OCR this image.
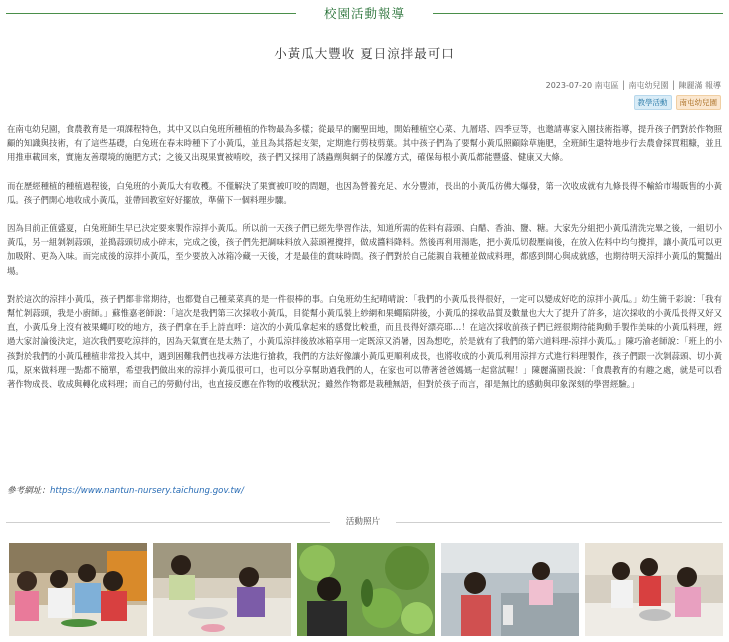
校園活動報導
小黃瓜大豐收 夏日涼拌最可口
2023-07-20 南屯區 │ 南屯幼兒園 │ 陳麗滿 報導
教學活動	南屯幼兒園

在南屯幼兒園，食農教育是一項課程特色，其中又以白兔班所種植的作物最為多樣；從最早的關聖田地，開始種植空心菜、九層塔、四季豆等，也邀請專家入園技術指導，提升孩子們對於作物照顧的知識與技術，有了這些基礎，白兔班在春末時種下了小黃瓜，並且為其搭起支架，定期進行剪枝剪葉。其中孩子們為了要幫小黃瓜照顧除草施肥，全班師生還特地步行去農會採買粗糠，並且用推車載回來，實施友善環境的施肥方式；之後又出現果實被啃咬，孩子們又採用了誘蟲劑與網子的保護方式，確保每根小黃瓜都能豐盛、健康又大條。

而在歷經種植的種植過程後，白兔班的小黃瓜大有收穫。不僅解決了果實被叮咬的問題，也因為營養充足、水分豐沛，長出的小黃瓜彷佛大爆發，第一次收成就有九條長得不輸給市場販售的小黃瓜。孩子們開心地收成小黃瓜，並帶回教室好好擺放，準備下一個料理步驟。

因為目前正值盛夏，白兔班師生早已決定要來製作涼拌小黃瓜。所以前一天孩子們已經先學習作法，知道所需的佐料有蒜頭、白醋、香油、鹽、糖。大家先分組把小黃瓜清洗完畢之後，一組切小黃瓜，另一組剝剝蒜頭，並搗蒜頭切成小碎末，完成之後，孩子們先把調味料放入蒜頭裡攪拌，做成醬料降料。然後再利用湯匙，把小黃瓜切殺壓扁後，在放入佐料中均勻攪拌，讓小黃瓜可以更加吸附、更為入味。而完成後的涼拌小黃瓜，至少要放入冰箱冷藏一天後，才是最佳的賞味時間。孩子們對於自己能親自栽種並做成料理，都感到開心與成就感，也期待明天涼拌小黃瓜的驚豔出場。

對於這次的涼拌小黃瓜，孩子們都非常期待，也都覺自己種菜菜真的是一件很棒的事。白兔班幼生紀晴晴說：「我們的小黃瓜長得很好，一定可以變成好吃的涼拌小黃瓜。」幼生簡千彩說：「我有幫忙剝蒜頭，我是小廚師。」蘇惟嘉老師說：「這次是我們第三次採收小黃瓜，目從幫小黃瓜裝上紗網和果蠅陷阱後，小黃瓜的採收品質及數量也大大了提升了許多，這次採收的小黃瓜長得又好又直，小黃瓜身上沒有被果蠅叮咬的地方，孩子們拿在手上詩直呼：這次的小黃瓜拿起來的感覺比較重，而且長得好漂亮耶…！在這次採收前孩子們已經很期待能夠動手製作美味的小黃瓜料理，經過大家討論後決定，這次我們要吃涼拌的，因為天氣實在是太熱了，小黃瓜涼拌後放冰箱享用一定既涼又消暑，因為想吃，於是就有了我們的第六道料理-涼拌小黃瓜。」陳巧渝老師說：「班上的小孩對於我們的小黃瓜種植非常投入其中，遇到困難我們也找尋方法進行搶救，我們的方法好像讓小黃瓜更順利成長，也將收成的小黃瓜利用涼拌方式進行料理製作，孩子們跟一次剝蒜頭、切小黃瓜，原來做料理一點都不簡單，希望我們做出來的涼拌小黃瓜很可口，也可以分享幫助過我們的人，在家也可以帶著爸爸媽媽一起當試喔！」陳麗滿園長說：「食農教育的有趣之處，就是可以看著作物成長、收成與轉化成料理；而自己的勞動付出，也直接反應在作物的收穫狀況；雖然作物都是栽種無語，但對於孩子而言，卻是無比的感動與印象深刻的學習經驗。」

參考網址：https://www.nantun-nursery.taichung.gov.tw/
活動照片
